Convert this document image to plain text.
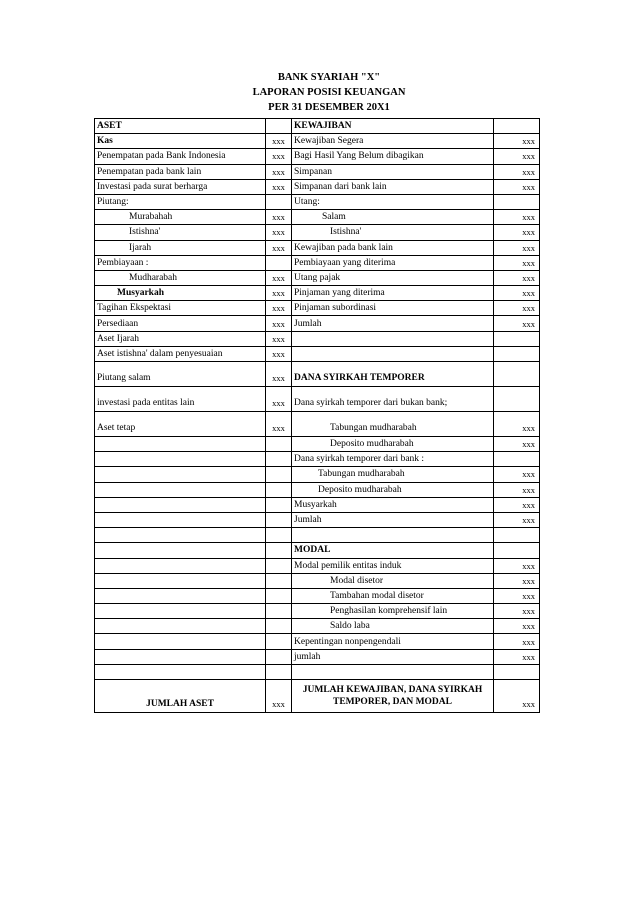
BANK SYARIAH "X"
LAPORAN POSISI KEUANGAN
PER 31 DESEMBER 20X1
ASET		KEWAJIBAN	
Kas	xxx	Kewajiban Segera	xxx
Penempatan pada Bank Indonesia	xxx	Bagi Hasil Yang Belum dibagikan	xxx
Penempatan pada bank lain	xxx	Simpanan	xxx
Investasi pada surat berharga	xxx	Simpanan dari bank lain	xxx
Piutang:		Utang:	
Murabahah	xxx	Salam	xxx
Istishna'	xxx	Istishna'	xxx
Ijarah	xxx	Kewajiban pada bank lain	xxx
Pembiayaan :		Pembiayaan yang diterima	xxx
Mudharabah	xxx	Utang pajak	xxx
Musyarkah	xxx	Pinjaman yang diterima	xxx
Tagihan Ekspektasi	xxx	Pinjaman subordinasi	xxx
Persediaan	xxx	Jumlah	xxx
Aset Ijarah	xxx		
Aset istishna' dalam penyesuaian	xxx		
Piutang salam	xxx	DANA SYIRKAH TEMPORER	
investasi pada entitas lain	xxx	Dana syirkah temporer dari bukan bank;	
Aset tetap	xxx	Tabungan mudharabah	xxx
		Deposito mudharabah	xxx
		Dana syirkah temporer dari bank :	
		Tabungan mudharabah	xxx
		Deposito mudharabah	xxx
		Musyarkah	xxx
		Jumlah	xxx

		MODAL	
		Modal pemilik entitas induk	xxx
		Modal disetor	xxx
		Tambahan modal disetor	xxx
		Penghasilan komprehensif lain	xxx
		Saldo laba	xxx
		Kepentingan nonpengendali	xxx
		jumlah	xxx

JUMLAH ASET	xxx	JUMLAH KEWAJIBAN, DANA SYIRKAH TEMPORER, DAN MODAL	xxx
